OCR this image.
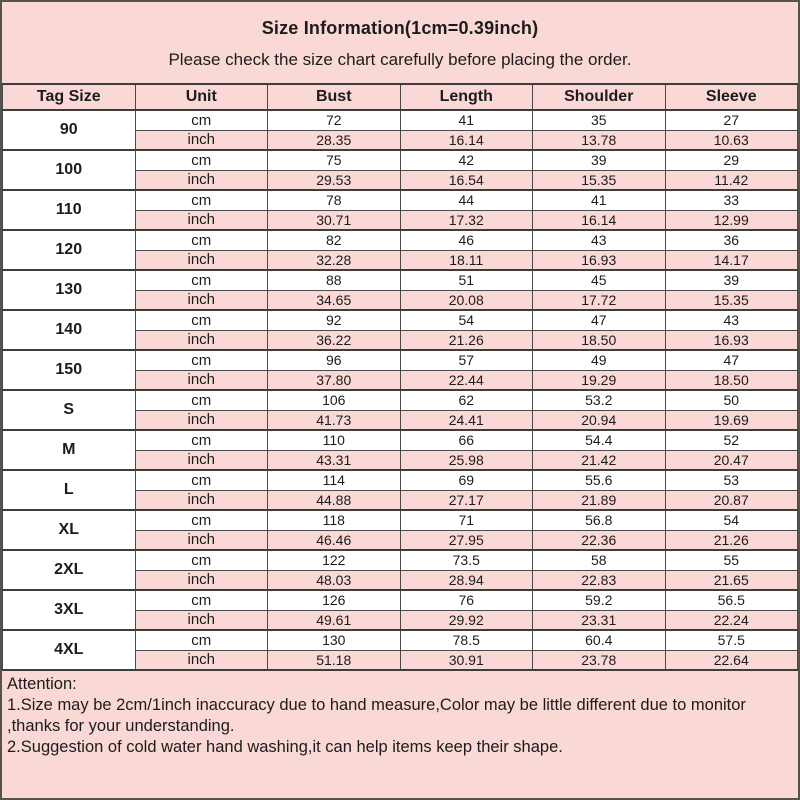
Size Information(1cm=0.39inch)
Please check the size chart carefully before placing the order.
Tag Size	Unit	Bust	Length	Shoulder	Sleeve
90	cm	72	41	35	27
	inch	28.35	16.14	13.78	10.63
100	cm	75	42	39	29
	inch	29.53	16.54	15.35	11.42
110	cm	78	44	41	33
	inch	30.71	17.32	16.14	12.99
120	cm	82	46	43	36
	inch	32.28	18.11	16.93	14.17
130	cm	88	51	45	39
	inch	34.65	20.08	17.72	15.35
140	cm	92	54	47	43
	inch	36.22	21.26	18.50	16.93
150	cm	96	57	49	47
	inch	37.80	22.44	19.29	18.50
S	cm	106	62	53.2	50
	inch	41.73	24.41	20.94	19.69
M	cm	110	66	54.4	52
	inch	43.31	25.98	21.42	20.47
L	cm	114	69	55.6	53
	inch	44.88	27.17	21.89	20.87
XL	cm	118	71	56.8	54
	inch	46.46	27.95	22.36	21.26
2XL	cm	122	73.5	58	55
	inch	48.03	28.94	22.83	21.65
3XL	cm	126	76	59.2	56.5
	inch	49.61	29.92	23.31	22.24
4XL	cm	130	78.5	60.4	57.5
	inch	51.18	30.91	23.78	22.64

Attention:

1.Size may be 2cm/1inch inaccuracy due to hand measure,Color may be little different due to monitor ,thanks for your understanding.

2.Suggestion of cold water hand washing,it can help items keep their shape.
